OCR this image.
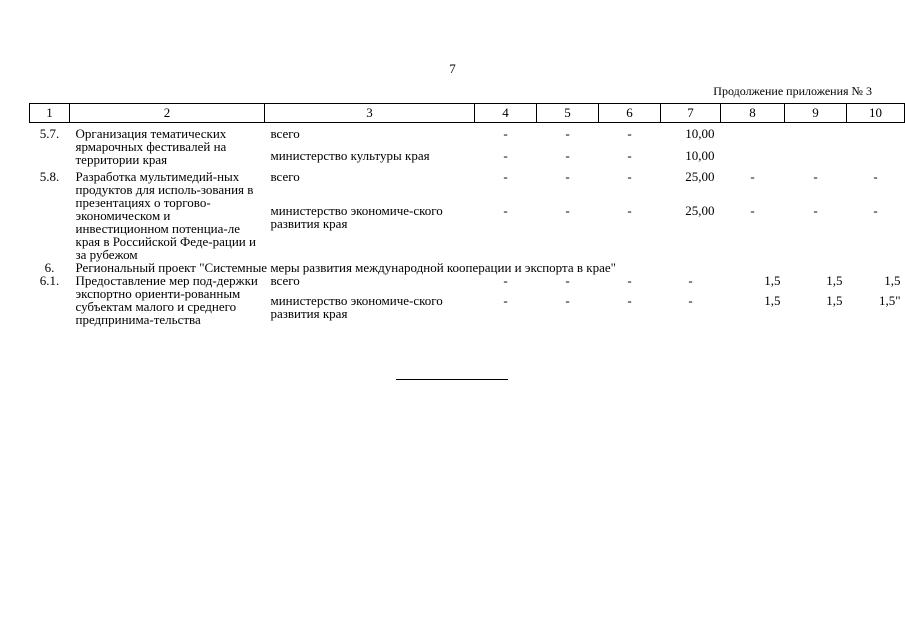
7
Продолжение приложения № 3
1	2	3	4	5	6	7	8	9	10
5.7.	Организация тематических ярмарочных фестивалей на территории края	всего	-	-	-	10,00			
		министерство культуры края	-	-	-	10,00			
5.8.	Разработка мультимедий-ных продуктов для исполь-зования в презентациях о торгово-экономическом и инвестиционном потенциа-ле края в Российской Феде-рации и за рубежом	всего	-	-	-	25,00	-	-	-
		министерство экономиче-ского развития края	-	-	-	25,00	-	-	-
6.	Региональный проект "Системные меры развития международной кооперации и экспорта в крае"								
6.1.	Предоставление мер под-держки экспортно ориенти-рованным субъектам малого и среднего предпринима-тельства	всего	-	-	-	-	1,5	1,5	1,5
		министерство экономиче-ского развития края	-	-	-	-	1,5	1,5	1,5"
